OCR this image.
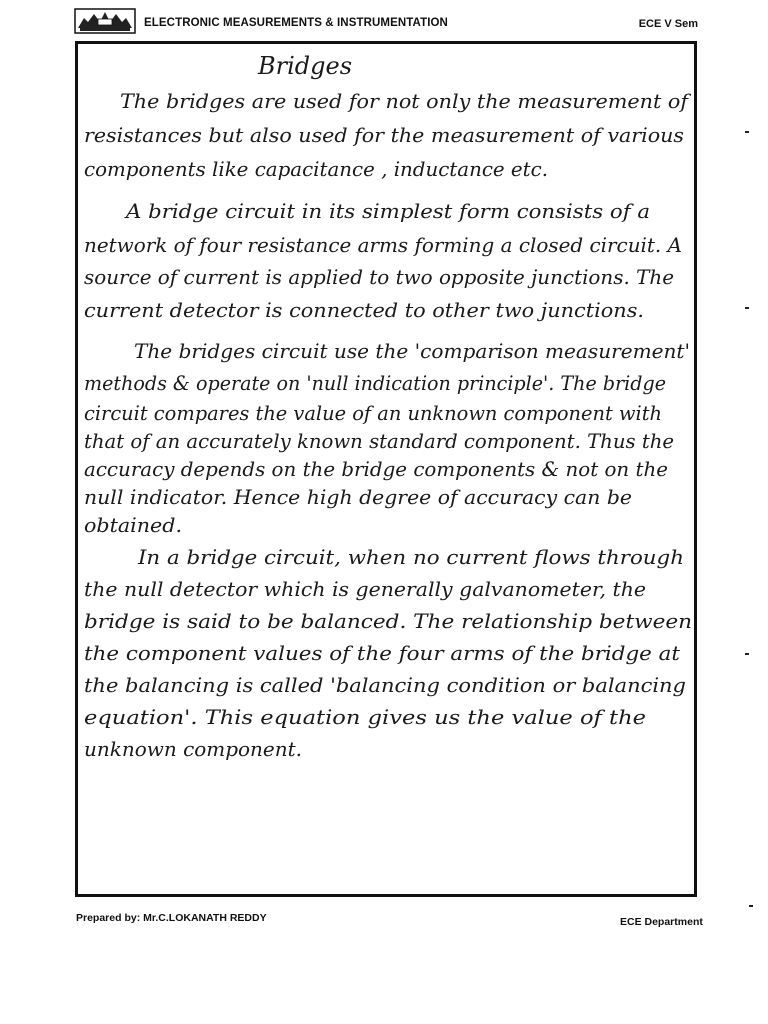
ELECTRONIC MEASUREMENTS & INSTRUMENTATION	ECE V Sem
Bridges
The bridges are used for not only the measurement of
resistances but also used for the measurement of various
components like capacitance , inductance etc.
A bridge circuit in its simplest form consists of a
network of four resistance arms forming a closed circuit. A
source of current is applied to two opposite junctions. The
current detector is connected to other two junctions.
The bridges circuit use the 'comparison measurement'
methods & operate on 'null indication principle'. The bridge
circuit compares the value of an unknown component with
that of an accurately known standard component. Thus the
accuracy depends on the bridge components & not on the
null indicator. Hence high degree of accuracy can be
obtained.
In a bridge circuit, when no current flows through
the null detector which is generally galvanometer, the
bridge is said to be balanced. The relationship between
the component values of the four arms of the bridge at
the balancing is called 'balancing condition or balancing
equation'. This equation gives us the value of the
unknown component.
Prepared by: Mr.C.LOKANATH REDDY	ECE Department
